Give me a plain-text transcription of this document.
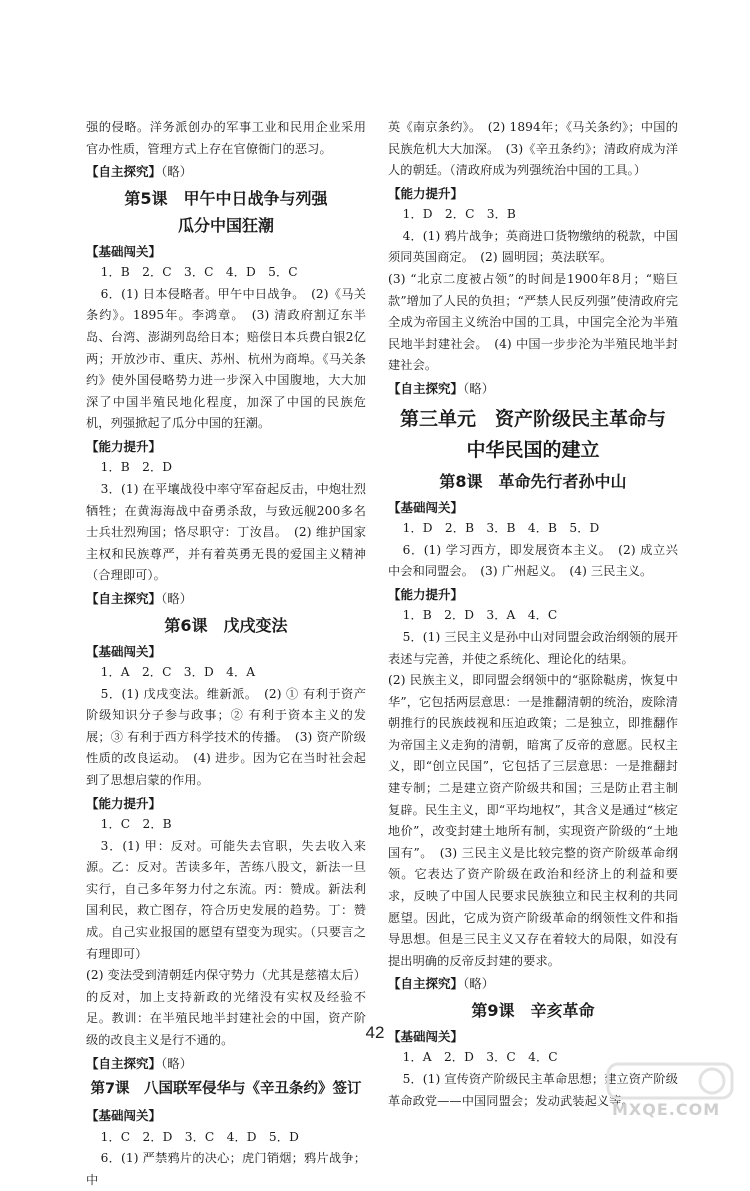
强的侵略。洋务派创办的军事工业和民用企业采用官办性质，管理方式上存在官僚衙门的恶习。

【自主探究】（略）
第5课　甲午中日战争与列强
瓜分中国狂潮
【基础闯关】

1．B　2．C　3．C　4．D　5．C

6．(1) 日本侵略者。甲午中日战争。　(2)《马关条约》。1895年。李鸿章。　(3) 清政府割辽东半岛、台湾、澎湖列岛给日本；赔偿日本兵费白银2亿两；开放沙市、重庆、苏州、杭州为商埠。《马关条约》使外国侵略势力进一步深入中国腹地，大大加深了中国半殖民地化程度，加深了中国的民族危机，列强掀起了瓜分中国的狂潮。

【能力提升】

1．B　2．D

3．(1) 在平壤战役中率守军奋起反击，中炮壮烈牺牲；在黄海海战中奋勇杀敌，与致远舰200多名士兵壮烈殉国；恪尽职守：丁汝昌。　(2) 维护国家主权和民族尊严，并有着英勇无畏的爱国主义精神（合理即可）。

【自主探究】（略）
第6课　戊戌变法
【基础闯关】

1．A　2．C　3．D　4．A

5．(1) 戊戌变法。维新派。　(2) ① 有利于资产阶级知识分子参与政事；② 有利于资本主义的发展；③ 有利于西方科学技术的传播。　(3) 资产阶级性质的改良运动。　(4) 进步。因为它在当时社会起到了思想启蒙的作用。

【能力提升】

1．C　2．B

3．(1) 甲：反对。可能失去官职，失去收入来源。乙：反对。苦读多年，苦练八股文，新法一旦实行，自己多年努力付之东流。丙：赞成。新法利国利民，救亡图存，符合历史发展的趋势。丁：赞成。自己实业报国的愿望有望变为现实。（只要言之有理即可）

(2) 变法受到清朝廷内保守势力（尤其是慈禧太后）的反对，加上支持新政的光绪没有实权及经验不足。教训：在半殖民地半封建社会的中国，资产阶级的改良主义是行不通的。

【自主探究】（略）
第7课　八国联军侵华与《辛丑条约》签订
【基础闯关】

1．C　2．D　3．C　4．D　5．D

6．(1) 严禁鸦片的决心；虎门销烟；鸦片战争；中

英《南京条约》。　(2) 1894年；《马关条约》；中国的民族危机大大加深。　(3)《辛丑条约》；清政府成为洋人的朝廷。（清政府成为列强统治中国的工具。）

【能力提升】

1．D　2．C　3．B

4．(1) 鸦片战争；英商进口货物缴纳的税款，中国须同英国商定。　(2) 圆明园；英法联军。

(3) “北京二度被占领”的时间是1900年8月；“赔巨款”增加了人民的负担；“严禁人民反列强”使清政府完全成为帝国主义统治中国的工具，中国完全沦为半殖民地半封建社会。　(4) 中国一步步沦为半殖民地半封建社会。

【自主探究】（略）
第三单元　资产阶级民主革命与
中华民国的建立
第8课　革命先行者孙中山
【基础闯关】

1．D　2．B　3．B　4．B　5．D

6．(1) 学习西方，即发展资本主义。　(2) 成立兴中会和同盟会。　(3) 广州起义。　(4) 三民主义。

【能力提升】

1．B　2．D　3．A　4．C

5．(1) 三民主义是孙中山对同盟会政治纲领的展开表述与完善，并使之系统化、理论化的结果。

(2) 民族主义，即同盟会纲领中的“驱除鞑虏，恢复中华”，它包括两层意思：一是推翻清朝的统治，废除清朝推行的民族歧视和压迫政策；二是独立，即推翻作为帝国主义走狗的清朝，暗寓了反帝的意愿。民权主义，即“创立民国”，它包括了三层意思：一是推翻封建专制；二是建立资产阶级共和国；三是防止君主制复辟。民生主义，即“平均地权”，其含义是通过“核定地价”，改变封建土地所有制，实现资产阶级的“土地国有”。　(3) 三民主义是比较完整的资产阶级革命纲领。它表达了资产阶级在政治和经济上的利益和要求，反映了中国人民要求民族独立和民主权利的共同愿望。因此，它成为资产阶级革命的纲领性文件和指导思想。但是三民主义又存在着较大的局限，如没有提出明确的反帝反封建的要求。

【自主探究】（略）
第9课　辛亥革命
【基础闯关】

1．A　2．D　3．C　4．C

5．(1) 宣传资产阶级民主革命思想；建立资产阶级革命政党——中国同盟会；发动武装起义等。

42
MXQE.COM
